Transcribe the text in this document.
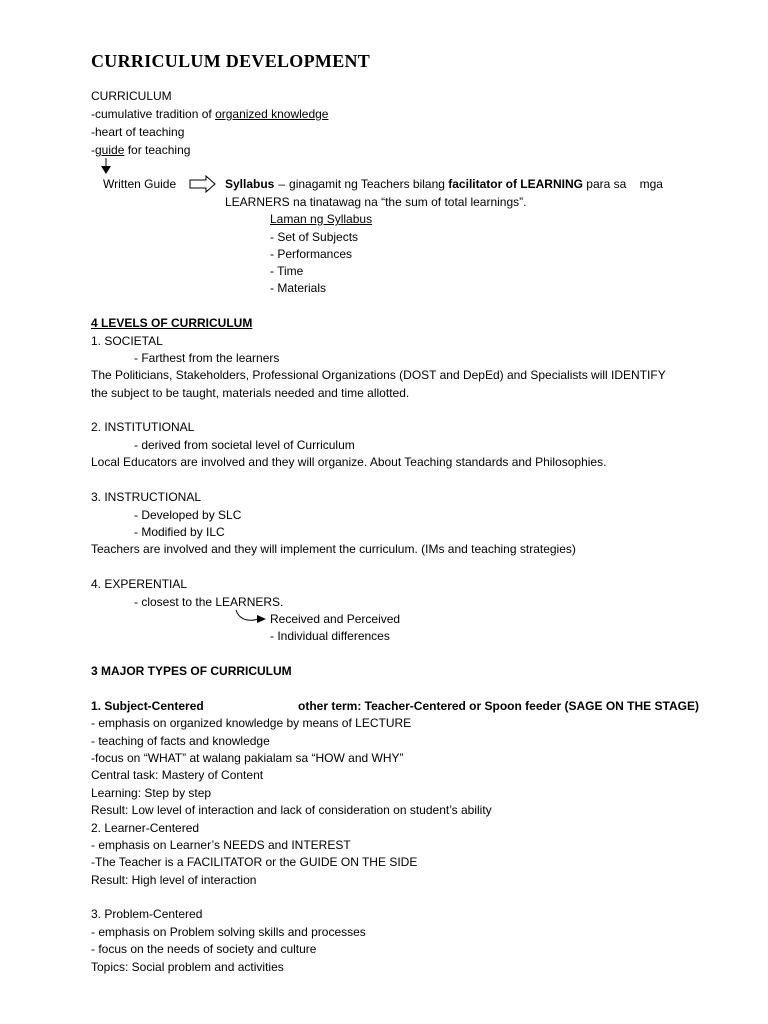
CURRICULUM DEVELOPMENT
CURRICULUM
-cumulative tradition of organized knowledge
-heart of teaching
-guide for teaching
Written Guide	Syllabus – ginagamit ng Teachers bilang facilitator of LEARNING para sa    mga
LEARNERS na tinatawag na “the sum of total learnings”.
Laman ng Syllabus
- Set of Subjects
- Performances
- Time
- Materials
4 LEVELS OF CURRICULUM
1. SOCIETAL
- Farthest from the learners
The Politicians, Stakeholders, Professional Organizations (DOST and DepEd) and Specialists will IDENTIFY
the subject to be taught, materials needed and time allotted.
2. INSTITUTIONAL
- derived from societal level of Curriculum
Local Educators are involved and they will organize. About Teaching standards and Philosophies.
3. INSTRUCTIONAL
- Developed by SLC
- Modified by ILC
Teachers are involved and they will implement the curriculum. (IMs and teaching strategies)
4. EXPERENTIAL
- closest to the LEARNERS.
Received and Perceived
- Individual differences
3 MAJOR TYPES OF CURRICULUM
1. Subject-Centered	other term: Teacher-Centered or Spoon feeder (SAGE ON THE STAGE)
- emphasis on organized knowledge by means of LECTURE
- teaching of facts and knowledge
-focus on “WHAT” at walang pakialam sa “HOW and WHY”
Central task: Mastery of Content
Learning: Step by step
Result: Low level of interaction and lack of consideration on student’s ability
2. Learner-Centered
- emphasis on Learner’s NEEDS and INTEREST
-The Teacher is a FACILITATOR or the GUIDE ON THE SIDE
Result: High level of interaction
3. Problem-Centered
- emphasis on Problem solving skills and processes
- focus on the needs of society and culture
Topics: Social problem and activities
